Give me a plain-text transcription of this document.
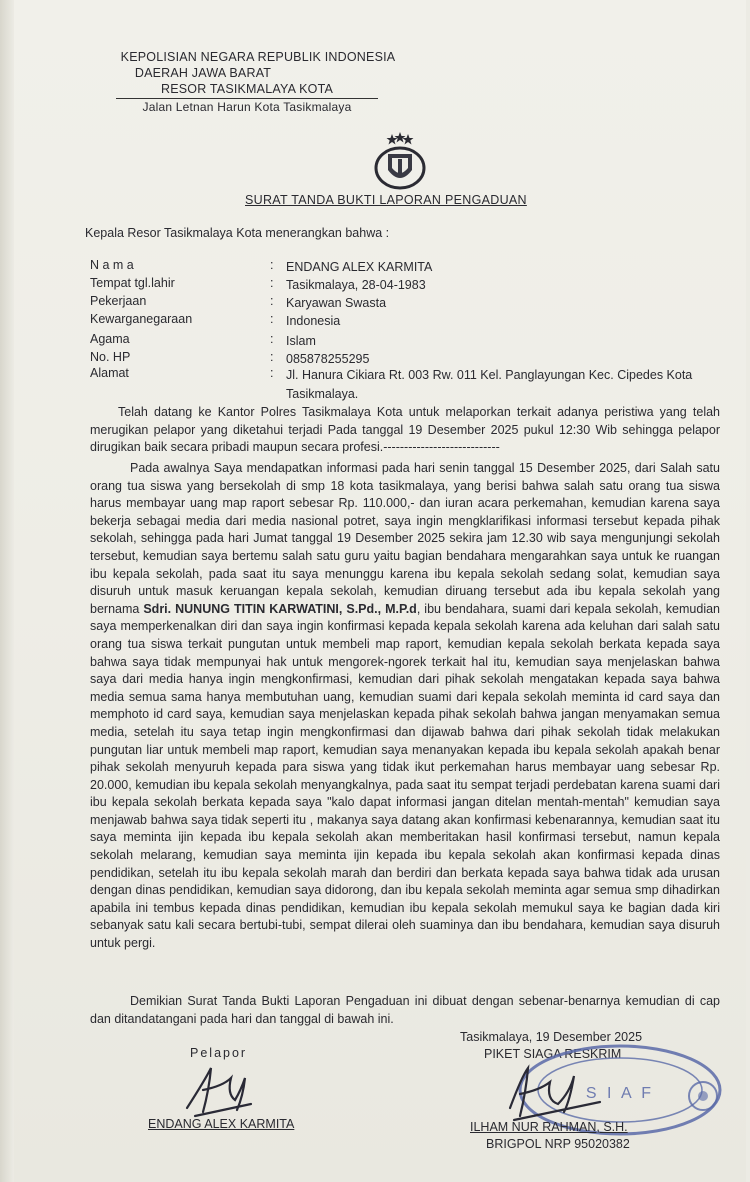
KEPOLISIAN NEGARA REPUBLIK INDONESIA
DAERAH JAWA BARAT
RESOR TASIKMALAYA KOTA
Jalan Letnan Harun Kota Tasikmalaya
SURAT TANDA BUKTI LAPORAN PENGADUAN
Kepala Resor Tasikmalaya Kota menerangkan bahwa :
N a m a	: ENDANG ALEX KARMITA
Tempat tgl.lahir	: Tasikmalaya, 28-04-1983
Pekerjaan	: Karyawan Swasta
Kewarganegaraan	: Indonesia
Agama	: Islam
No. HP	: 085878255295
Alamat	: Jl. Hanura Cikiara Rt. 003 Rw. 011 Kel. Panglayungan Kec. Cipedes Kota Tasikmalaya.
Telah datang ke Kantor Polres Tasikmalaya Kota untuk melaporkan terkait adanya peristiwa yang telah merugikan pelapor yang diketahui terjadi Pada tanggal 19 Desember 2025 pukul 12:30 Wib sehingga pelapor dirugikan baik secara pribadi maupun secara profesi.----------------------------
Pada awalnya Saya mendapatkan informasi pada hari senin tanggal 15 Desember 2025, dari Salah satu orang tua siswa yang bersekolah di smp 18 kota tasikmalaya, yang berisi bahwa salah satu orang tua siswa harus membayar uang map raport sebesar Rp. 110.000,- dan iuran acara perkemahan, kemudian karena saya bekerja sebagai media dari media nasional potret, saya ingin mengklarifikasi informasi tersebut kepada pihak sekolah, sehingga pada hari Jumat tanggal 19 Desember 2025 sekira jam 12.30 wib saya mengunjungi sekolah tersebut, kemudian saya bertemu salah satu guru yaitu bagian bendahara mengarahkan saya untuk ke ruangan ibu kepala sekolah, pada saat itu saya menunggu karena ibu kepala sekolah sedang solat, kemudian saya disuruh untuk masuk keruangan kepala sekolah, kemudian diruang tersebut ada ibu kepala sekolah yang bernama Sdri. NUNUNG TITIN KARWATINI, S.Pd., M.P.d, ibu bendahara, suami dari kepala sekolah, kemudian saya memperkenalkan diri dan saya ingin konfirmasi kepada kepala sekolah karena ada keluhan dari salah satu orang tua siswa terkait pungutan untuk membeli map raport, kemudian kepala sekolah berkata kepada saya bahwa saya tidak mempunyai hak untuk mengorek-ngorek terkait hal itu, kemudian saya menjelaskan bahwa saya dari media hanya ingin mengkonfirmasi, kemudian dari pihak sekolah mengatakan kepada saya bahwa media semua sama hanya membutuhan uang, kemudian suami dari kepala sekolah meminta id card saya dan memphoto id card saya, kemudian saya menjelaskan kepada pihak sekolah bahwa jangan menyamakan semua media, setelah itu saya tetap ingin mengkonfirmasi dan dijawab bahwa dari pihak sekolah tidak melakukan pungutan liar untuk membeli map raport, kemudian saya menanyakan kepada ibu kepala sekolah apakah benar pihak sekolah menyuruh kepada para siswa yang tidak ikut perkemahan harus membayar uang sebesar Rp. 20.000, kemudian ibu kepala sekolah menyangkalnya, pada saat itu sempat terjadi perdebatan karena suami dari ibu kepala sekolah berkata kepada saya "kalo dapat informasi jangan ditelan mentah-mentah" kemudian saya menjawab bahwa saya tidak seperti itu , makanya saya datang akan konfirmasi kebenarannya, kemudian saat itu saya meminta ijin kepada ibu kepala sekolah akan memberitakan hasil konfirmasi tersebut, namun kepala sekolah melarang, kemudian saya meminta ijin kepada ibu kepala sekolah akan konfirmasi kepada dinas pendidikan, setelah itu ibu kepala sekolah marah dan berdiri dan berkata kepada saya bahwa tidak ada urusan dengan dinas pendidikan, kemudian saya didorong, dan ibu kepala sekolah meminta agar semua smp dihadirkan apabila ini tembus kepada dinas pendidikan, kemudian ibu kepala sekolah memukul saya ke bagian dada kiri sebanyak satu kali secara bertubi-tubi, sempat dilerai oleh suaminya dan ibu bendahara, kemudian saya disuruh untuk pergi.
Demikian Surat Tanda Bukti Laporan Pengaduan ini dibuat dengan sebenar-benarnya kemudian di cap dan ditandatangani pada hari dan tanggal di bawah ini.
Tasikmalaya, 19 Desember 2025
PIKET SIAGA RESKRIM
Pelapor
S I A F
ENDANG ALEX KARMITA	ILHAM NUR RAHMAN, S.H.
BRIGPOL NRP 95020382
